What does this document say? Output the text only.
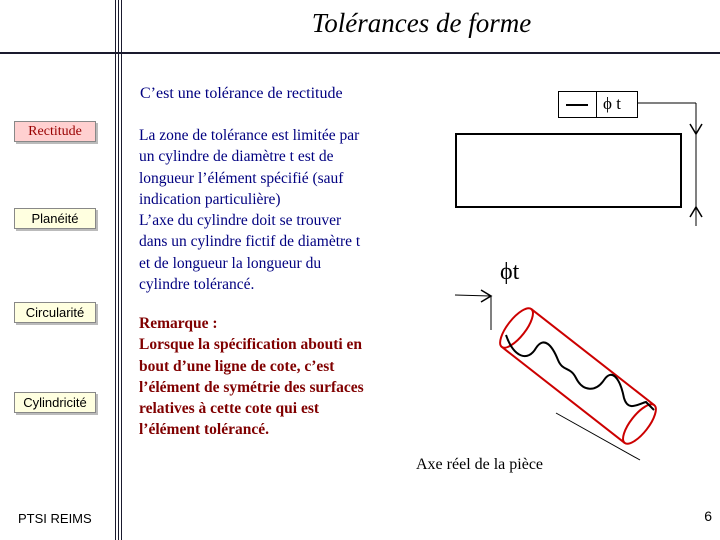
Tolérances de forme
C’est une tolérance de rectitude
Rectitude
Planéité
Circularité
Cylindricité
La zone de tolérance est limitée par
un cylindre de diamètre t est de
longueur l’élément spécifié (sauf
indication particulière)
L’axe du cylindre doit se trouver
dans un cylindre fictif de diamètre t
et de longueur la longueur du
cylindre tolérancé.
Remarque :
Lorsque la spécification abouti en
bout d’une ligne de cote, c’est
l’élément de symétrie des surfaces
relatives à cette cote qui est
l’élément tolérancé.
ϕ t
ϕt
Axe réel de la pièce
PTSI REIMS	6
